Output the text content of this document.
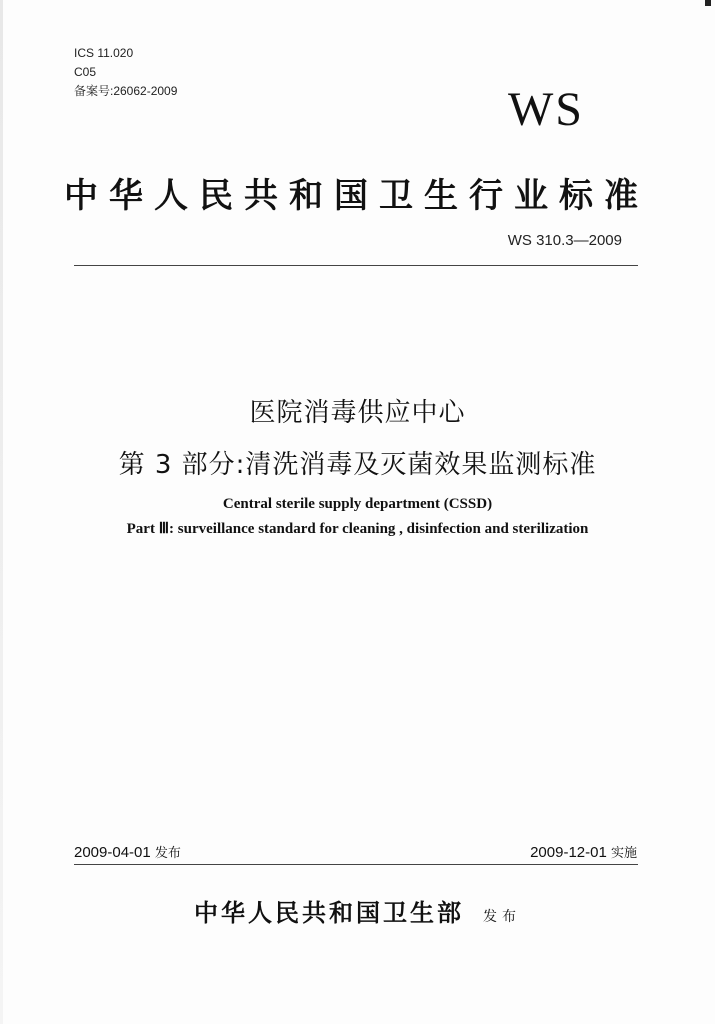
ICS 11.020
C05
备案号:26062-2009	WS
中华人民共和国卫生行业标准
WS 310.3—2009
医院消毒供应中心
第 3 部分:清洗消毒及灭菌效果监测标准
Central sterile supply department (CSSD)
Part Ⅲ: surveillance standard for cleaning , disinfection and sterilization
2009-04-01 发布	2009-12-01 实施
中华人民共和国卫生部 发布
